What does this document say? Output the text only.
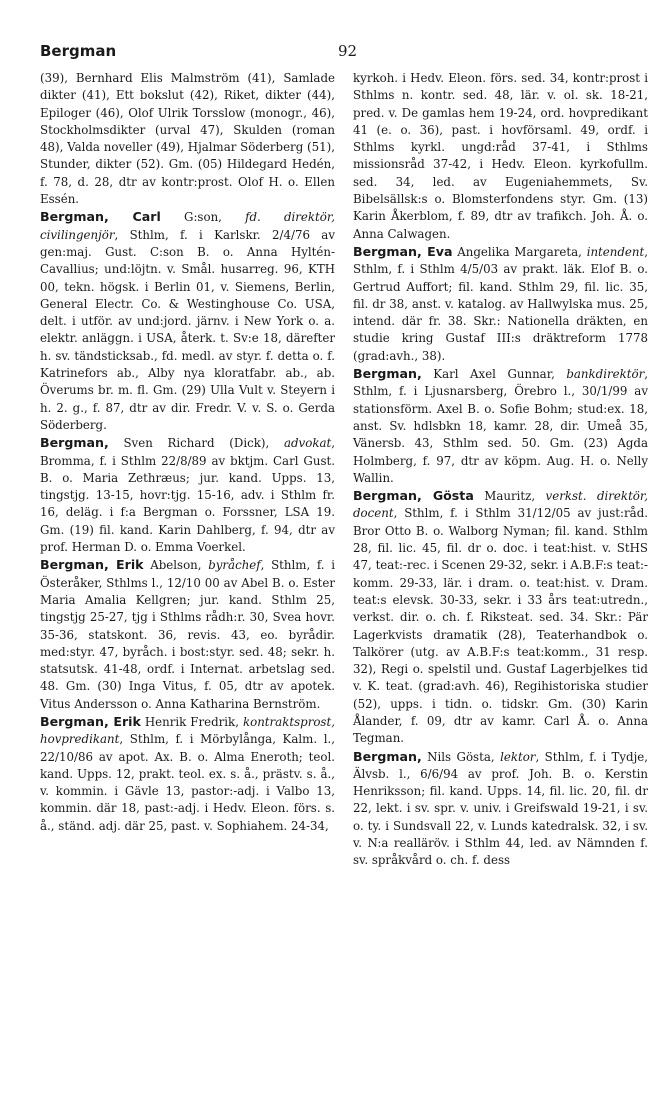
Bergman	92

(39), Bernhard Elis Malmström (41), Samlade dikter (41), Ett bokslut (42), Riket, dikter (44), Epiloger (46), Olof Ulrik Torsslow (monogr., 46), Stockholmsdikter (urval 47), Skulden (roman 48), Valda noveller (49), Hjalmar Söderberg (51), Stunder, dikter (52). Gm. (05) Hildegard Hedén, f. 78, d. 28, dtr av kontr:prost. Olof H. o. Ellen Essén.

Bergman, Carl G:son, fd. direktör, civilingenjör, Sthlm, f. i Karlskr. 2/4/76 av gen:maj. Gust. C:son B. o. Anna Hyltén-Cavallius; und:löjtn. v. Smål. husarreg. 96, KTH 00, tekn. högsk. i Berlin 01, v. Siemens, Berlin, General Electr. Co. & Westinghouse Co. USA, delt. i utför. av und:jord. järnv. i New York o. a. elektr. anläggn. i USA, återk. t. Sv:e 18, därefter h. sv. tändsticksab., fd. medl. av styr. f. detta o. f. Katrinefors ab., Alby nya kloratfabr. ab., ab. Överums br. m. fl. Gm. (29) Ulla Vult v. Steyern i h. 2. g., f. 87, dtr av dir. Fredr. V. v. S. o. Gerda Söderberg.

Bergman, Sven Richard (Dick), advokat, Bromma, f. i Sthlm 22/8/89 av bktjm. Carl Gust. B. o. Maria Zethræus; jur. kand. Upps. 13, tingstjg. 13-15, hovr:tjg. 15-16, adv. i Sthlm fr. 16, deläg. i f:a Bergman o. Forssner, LSA 19. Gm. (19) fil. kand. Karin Dahlberg, f. 94, dtr av prof. Herman D. o. Emma Voerkel.

Bergman, Erik Abelson, byråchef, Sthlm, f. i Österåker, Sthlms l., 12/10 00 av Abel B. o. Ester Maria Amalia Kellgren; jur. kand. Sthlm 25, tingstjg 25-27, tjg i Sthlms rådh:r. 30, Svea hovr. 35-36, statskont. 36, revis. 43, eo. byrådir. med:styr. 47, byråch. i bost:styr. sed. 48; sekr. h. statsutsk. 41-48, ordf. i Internat. arbetslag sed. 48. Gm. (30) Inga Vitus, f. 05, dtr av apotek. Vitus Andersson o. Anna Katharina Bernström.

Bergman, Erik Henrik Fredrik, kontraktsprost, hovpredikant, Sthlm, f. i Mörbylånga, Kalm. l., 22/10/86 av apot. Ax. B. o. Alma Eneroth; teol. kand. Upps. 12, prakt. teol. ex. s. å., prästv. s. å., v. kommin. i Gävle 13, pastor:-adj. i Valbo 13, kommin. där 18, past:-adj. i Hedv. Eleon. förs. s. å., ständ. adj. där 25, past. v. Sophiahem. 24-34,

kyrkoh. i Hedv. Eleon. förs. sed. 34, kontr:prost i Sthlms n. kontr. sed. 48, lär. v. ol. sk. 18-21, pred. v. De gamlas hem 19-24, ord. hovpredikant 41 (e. o. 36), past. i hovförsaml. 49, ordf. i Sthlms kyrkl. ungd:råd 37-41, i Sthlms missionsråd 37-42, i Hedv. Eleon. kyrkofullm. sed. 34, led. av Eugeniahemmets, Sv. Bibelsällsk:s o. Blomsterfondens styr. Gm. (13) Karin Åkerblom, f. 89, dtr av trafikch. Joh. Å. o. Anna Calwagen.

Bergman, Eva Angelika Margareta, intendent, Sthlm, f. i Sthlm 4/5/03 av prakt. läk. Elof B. o. Gertrud Auffort; fil. kand. Sthlm 29, fil. lic. 35, fil. dr 38, anst. v. katalog. av Hallwylska mus. 25, intend. där fr. 38. Skr.: Nationella dräkten, en studie kring Gustaf III:s dräktreform 1778 (grad:avh., 38).

Bergman, Karl Axel Gunnar, bankdirektör, Sthlm, f. i Ljusnarsberg, Örebro l., 30/1/99 av stationsförm. Axel B. o. Sofie Bohm; stud:ex. 18, anst. Sv. hdlsbkn 18, kamr. 28, dir. Umeå 35, Vänersb. 43, Sthlm sed. 50. Gm. (23) Agda Holmberg, f. 97, dtr av köpm. Aug. H. o. Nelly Wallin.

Bergman, Gösta Mauritz, verkst. direktör, docent, Sthlm, f. i Sthlm 31/12/05 av just:råd. Bror Otto B. o. Walborg Nyman; fil. kand. Sthlm 28, fil. lic. 45, fil. dr o. doc. i teat:hist. v. StHS 47, teat:-rec. i Scenen 29-32, sekr. i A.B.F:s teat:-komm. 29-33, lär. i dram. o. teat:hist. v. Dram. teat:s elevsk. 30-33, sekr. i 33 års teat:utredn., verkst. dir. o. ch. f. Riksteat. sed. 34. Skr.: Pär Lagerkvists dramatik (28), Teaterhandbok o. Talkörer (utg. av A.B.F:s teat:komm., 31 resp. 32), Regi o. spelstil und. Gustaf Lagerbjelkes tid v. K. teat. (grad:avh. 46), Regihistoriska studier (52), upps. i tidn. o. tidskr. Gm. (30) Karin Ålander, f. 09, dtr av kamr. Carl Å. o. Anna Tegman.

Bergman, Nils Gösta, lektor, Sthlm, f. i Tydje, Älvsb. l., 6/6/94 av prof. Joh. B. o. Kerstin Henriksson; fil. kand. Upps. 14, fil. lic. 20, fil. dr 22, lekt. i sv. spr. v. univ. i Greifswald 19-21, i sv. o. ty. i Sundsvall 22, v. Lunds katedralsk. 32, i sv. v. N:a realläröv. i Sthlm 44, led. av Nämnden f. sv. språkvård o. ch. f. dess
